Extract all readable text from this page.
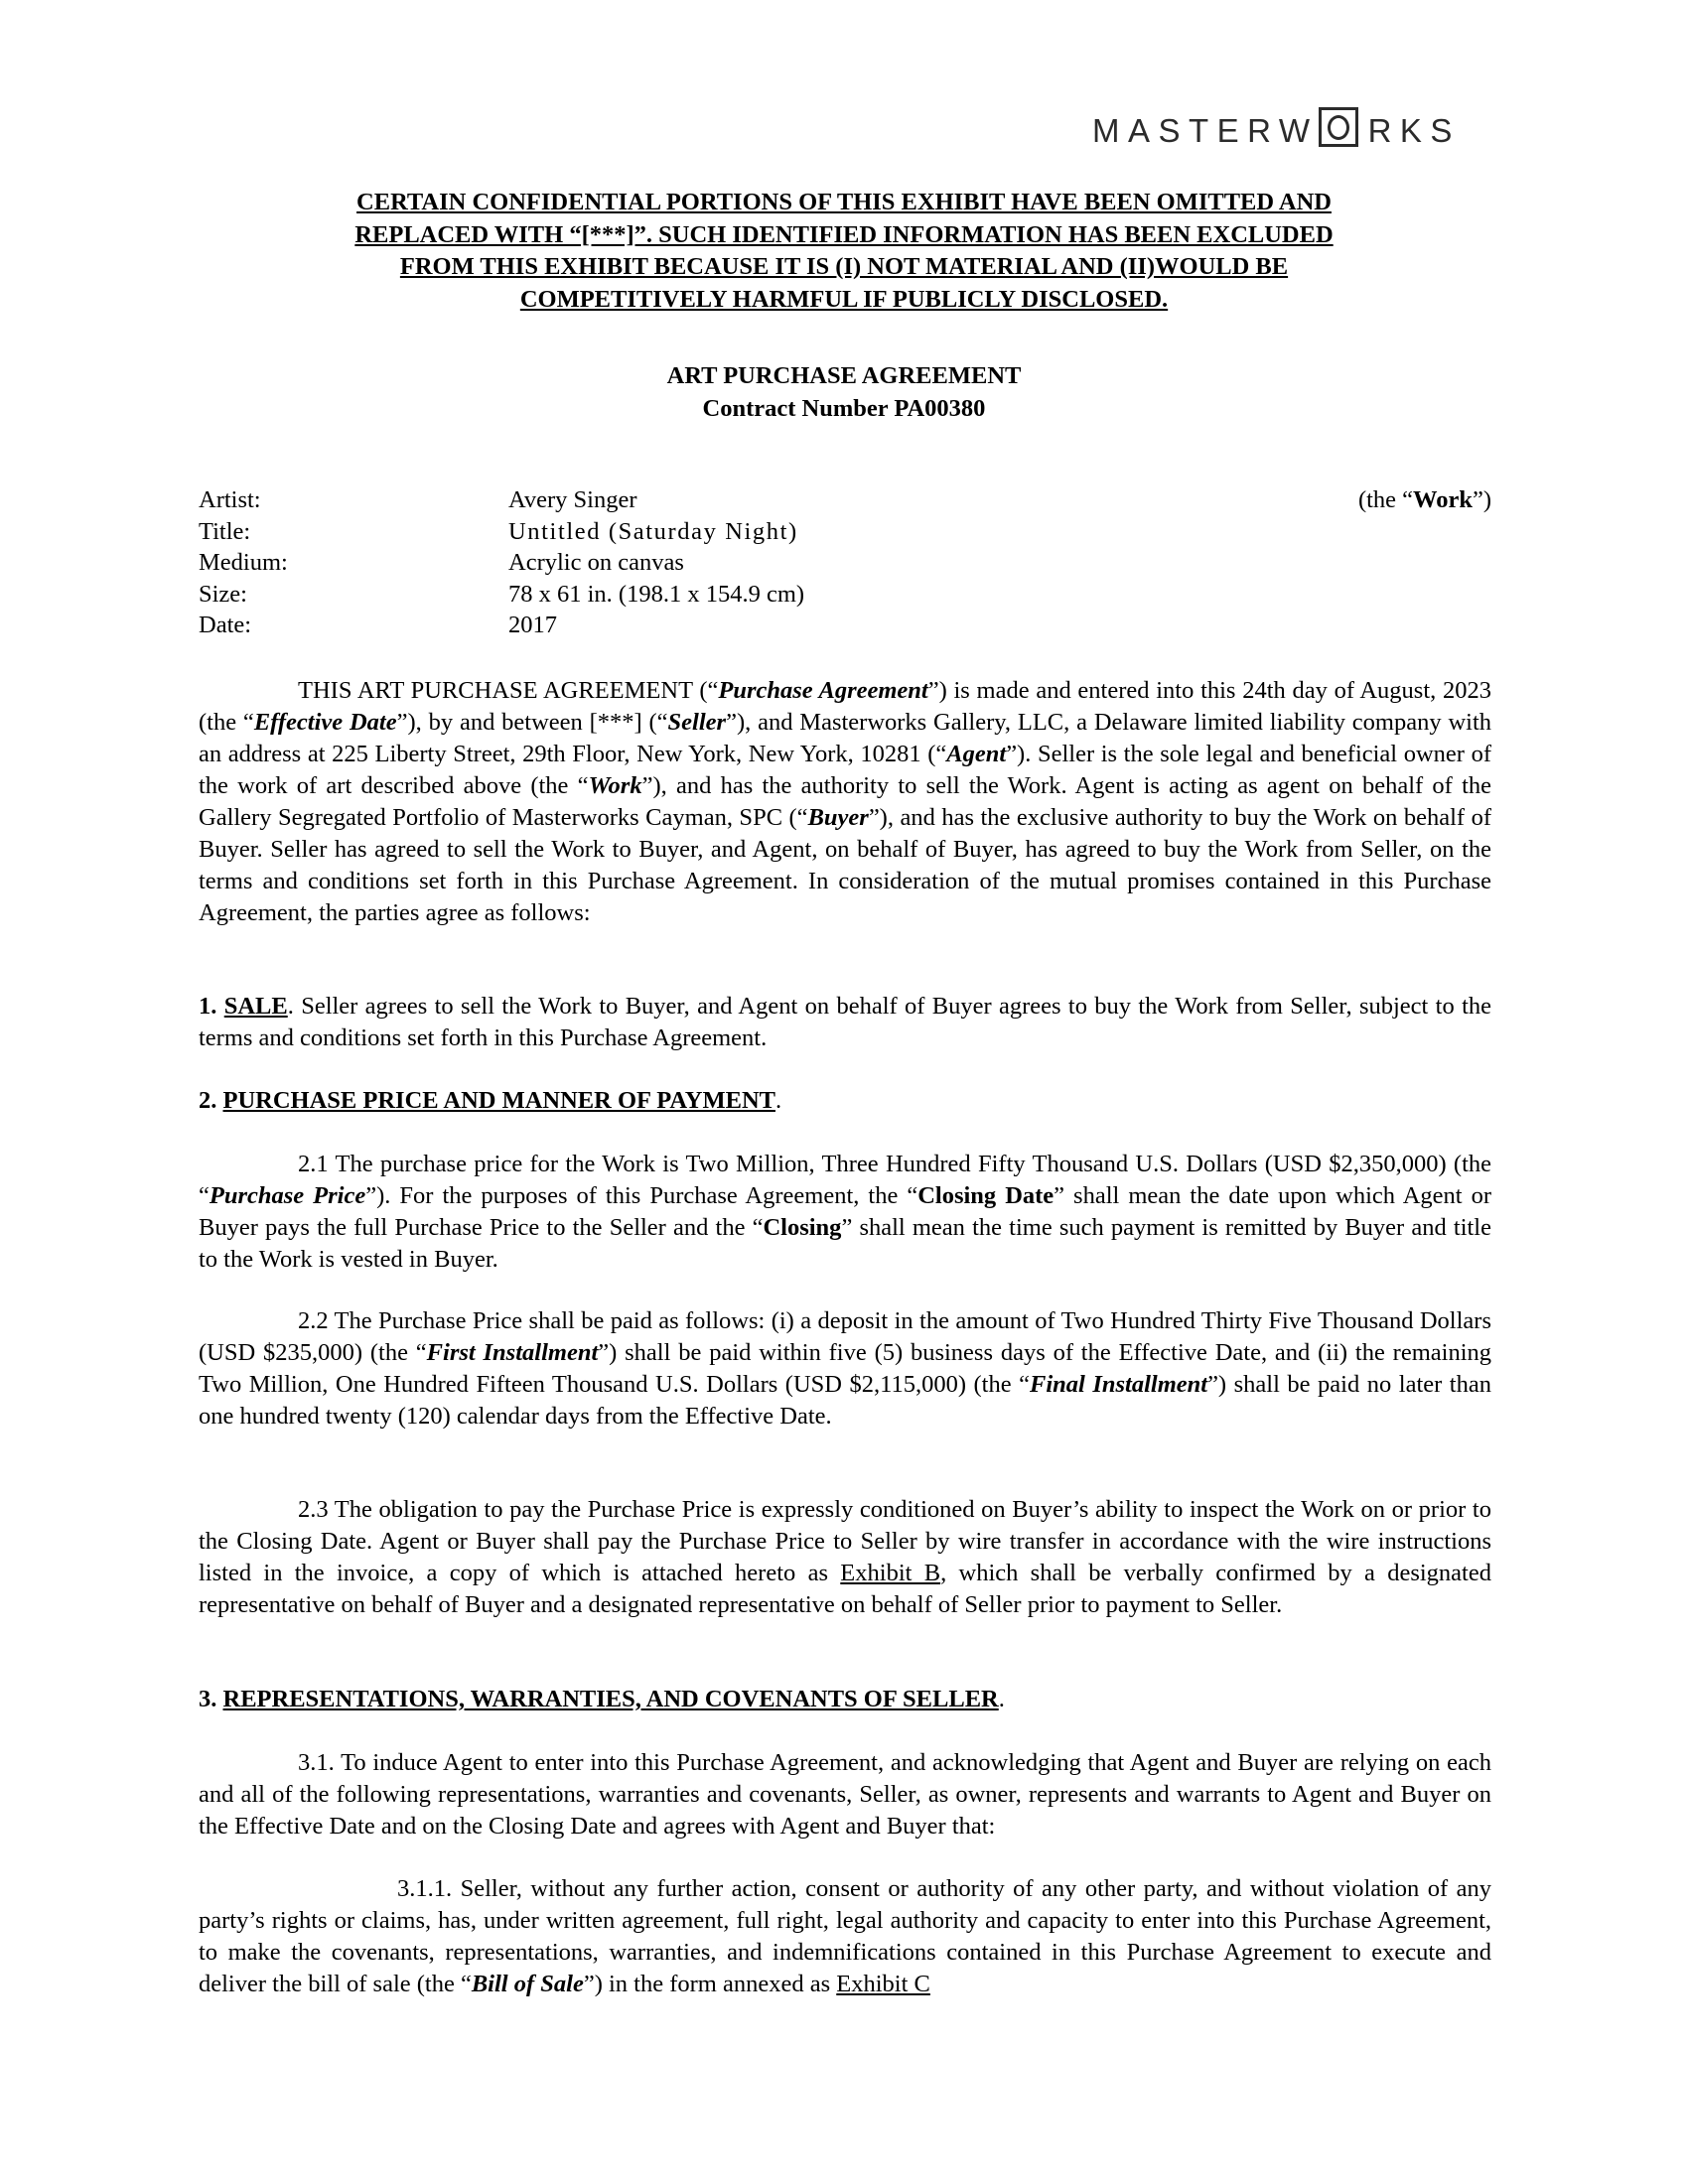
MASTERW RKS
CERTAIN CONFIDENTIAL PORTIONS OF THIS EXHIBIT HAVE BEEN OMITTED AND
REPLACED WITH “[***]”. SUCH IDENTIFIED INFORMATION HAS BEEN EXCLUDED
FROM THIS EXHIBIT BECAUSE IT IS (I) NOT MATERIAL AND (II)WOULD BE
COMPETITIVELY HARMFUL IF PUBLICLY DISCLOSED.
ART PURCHASE AGREEMENT
Contract Number PA00380
Artist:	Avery Singer
Title:	Untitled (Saturday Night)
Medium:	Acrylic on canvas
Size:	78 x 61 in. (198.1 x 154.9 cm)
Date:	2017
(the “Work”)
THIS ART PURCHASE AGREEMENT (“Purchase Agreement”) is made and entered into this 24th day of August, 2023 (the “Effective Date”), by and between [***] (“Seller”), and Masterworks Gallery, LLC, a Delaware limited liability company with an address at 225 Liberty Street, 29th Floor, New York, New York, 10281 (“Agent”). Seller is the sole legal and beneficial owner of the work of art described above (the “Work”), and has the authority to sell the Work. Agent is acting as agent on behalf of the Gallery Segregated Portfolio of Masterworks Cayman, SPC (“Buyer”), and has the exclusive authority to buy the Work on behalf of Buyer. Seller has agreed to sell the Work to Buyer, and Agent, on behalf of Buyer, has agreed to buy the Work from Seller, on the terms and conditions set forth in this Purchase Agreement. In consideration of the mutual promises contained in this Purchase Agreement, the parties agree as follows:
1. SALE. Seller agrees to sell the Work to Buyer, and Agent on behalf of Buyer agrees to buy the Work from Seller, subject to the terms and conditions set forth in this Purchase Agreement.
2. PURCHASE PRICE AND MANNER OF PAYMENT.
2.1 The purchase price for the Work is Two Million, Three Hundred Fifty Thousand U.S. Dollars (USD $2,350,000) (the “Purchase Price”). For the purposes of this Purchase Agreement, the “Closing Date” shall mean the date upon which Agent or Buyer pays the full Purchase Price to the Seller and the “Closing” shall mean the time such payment is remitted by Buyer and title to the Work is vested in Buyer.
2.2 The Purchase Price shall be paid as follows: (i) a deposit in the amount of Two Hundred Thirty Five Thousand Dollars (USD $235,000) (the “First Installment”) shall be paid within five (5) business days of the Effective Date, and (ii) the remaining Two Million, One Hundred Fifteen Thousand U.S. Dollars (USD $2,115,000) (the “Final Installment”) shall be paid no later than one hundred twenty (120) calendar days from the Effective Date.
2.3 The obligation to pay the Purchase Price is expressly conditioned on Buyer’s ability to inspect the Work on or prior to the Closing Date. Agent or Buyer shall pay the Purchase Price to Seller by wire transfer in accordance with the wire instructions listed in the invoice, a copy of which is attached hereto as Exhibit B, which shall be verbally confirmed by a designated representative on behalf of Buyer and a designated representative on behalf of Seller prior to payment to Seller.
3. REPRESENTATIONS, WARRANTIES, AND COVENANTS OF SELLER.
3.1. To induce Agent to enter into this Purchase Agreement, and acknowledging that Agent and Buyer are relying on each and all of the following representations, warranties and covenants, Seller, as owner, represents and warrants to Agent and Buyer on the Effective Date and on the Closing Date and agrees with Agent and Buyer that:
3.1.1. Seller, without any further action, consent or authority of any other party, and without violation of any party’s rights or claims, has, under written agreement, full right, legal authority and capacity to enter into this Purchase Agreement, to make the covenants, representations, warranties, and indemnifications contained in this Purchase Agreement to execute and deliver the bill of sale (the “Bill of Sale”) in the form annexed as Exhibit C
